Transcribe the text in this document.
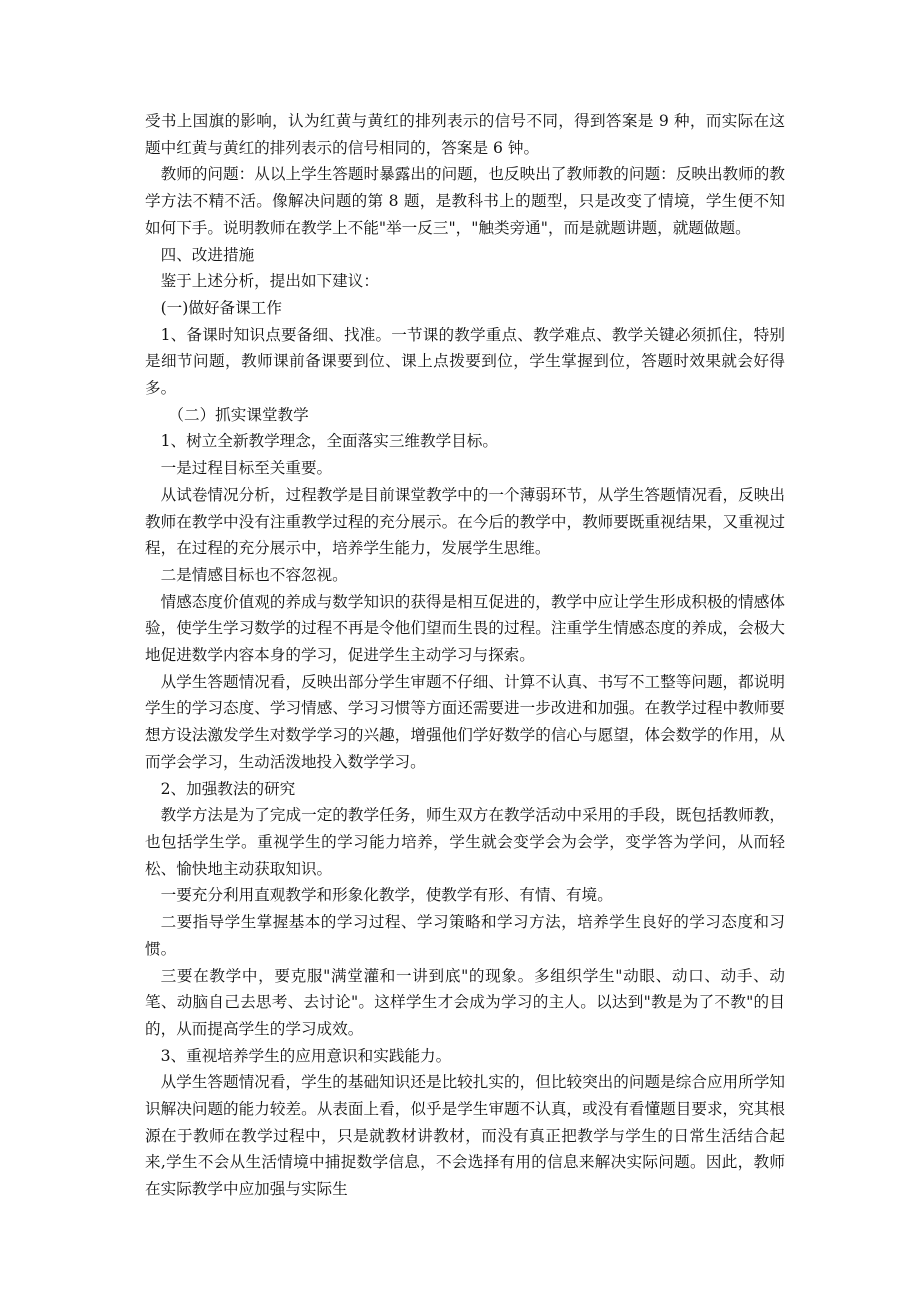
受书上国旗的影响，认为红黄与黄红的排列表示的信号不同，得到答案是 9 种，而实际在这题中红黄与黄红的排列表示的信号相同的，答案是 6 钟。

教师的问题：从以上学生答题时暴露出的问题，也反映出了教师教的问题：反映出教师的教学方法不精不活。像解决问题的第 8 题，是教科书上的题型，只是改变了情境，学生便不知如何下手。说明教师在教学上不能"举一反三"，"触类旁通"，而是就题讲题，就题做题。

四、改进措施

鉴于上述分析，提出如下建议：

(一)做好备课工作

1、备课时知识点要备细、找准。一节课的教学重点、教学难点、教学关键必须抓住，特别是细节问题，教师课前备课要到位、课上点拨要到位，学生掌握到位，答题时效果就会好得多。

（二）抓实课堂教学

1、树立全新教学理念，全面落实三维教学目标。

一是过程目标至关重要。

从试卷情况分析，过程教学是目前课堂教学中的一个薄弱环节，从学生答题情况看，反映出教师在教学中没有注重教学过程的充分展示。在今后的教学中，教师要既重视结果，又重视过程，在过程的充分展示中，培养学生能力，发展学生思维。

二是情感目标也不容忽视。

情感态度价值观的养成与数学知识的获得是相互促进的，教学中应让学生形成积极的情感体验，使学生学习数学的过程不再是令他们望而生畏的过程。注重学生情感态度的养成，会极大地促进数学内容本身的学习，促进学生主动学习与探索。

从学生答题情况看，反映出部分学生审题不仔细、计算不认真、书写不工整等问题，都说明学生的学习态度、学习情感、学习习惯等方面还需要进一步改进和加强。在教学过程中教师要想方设法激发学生对数学学习的兴趣，增强他们学好数学的信心与愿望，体会数学的作用，从而学会学习，生动活泼地投入数学学习。

2、加强教法的研究

教学方法是为了完成一定的教学任务，师生双方在教学活动中采用的手段，既包括教师教，也包括学生学。重视学生的学习能力培养，学生就会变学会为会学，变学答为学问，从而轻松、愉快地主动获取知识。

一要充分利用直观教学和形象化教学，使教学有形、有情、有境。

二要指导学生掌握基本的学习过程、学习策略和学习方法，培养学生良好的学习态度和习惯。

三要在教学中，要克服"满堂灌和一讲到底"的现象。多组织学生"动眼、动口、动手、动笔、动脑自己去思考、去讨论"。这样学生才会成为学习的主人。以达到"教是为了不教"的目的，从而提高学生的学习成效。

3、重视培养学生的应用意识和实践能力。

从学生答题情况看，学生的基础知识还是比较扎实的，但比较突出的问题是综合应用所学知识解决问题的能力较差。从表面上看，似乎是学生审题不认真，或没有看懂题目要求，究其根源在于教师在教学过程中，只是就教材讲教材，而没有真正把教学与学生的日常生活结合起来,学生不会从生活情境中捕捉数学信息，不会选择有用的信息来解决实际问题。因此，教师在实际教学中应加强与实际生
